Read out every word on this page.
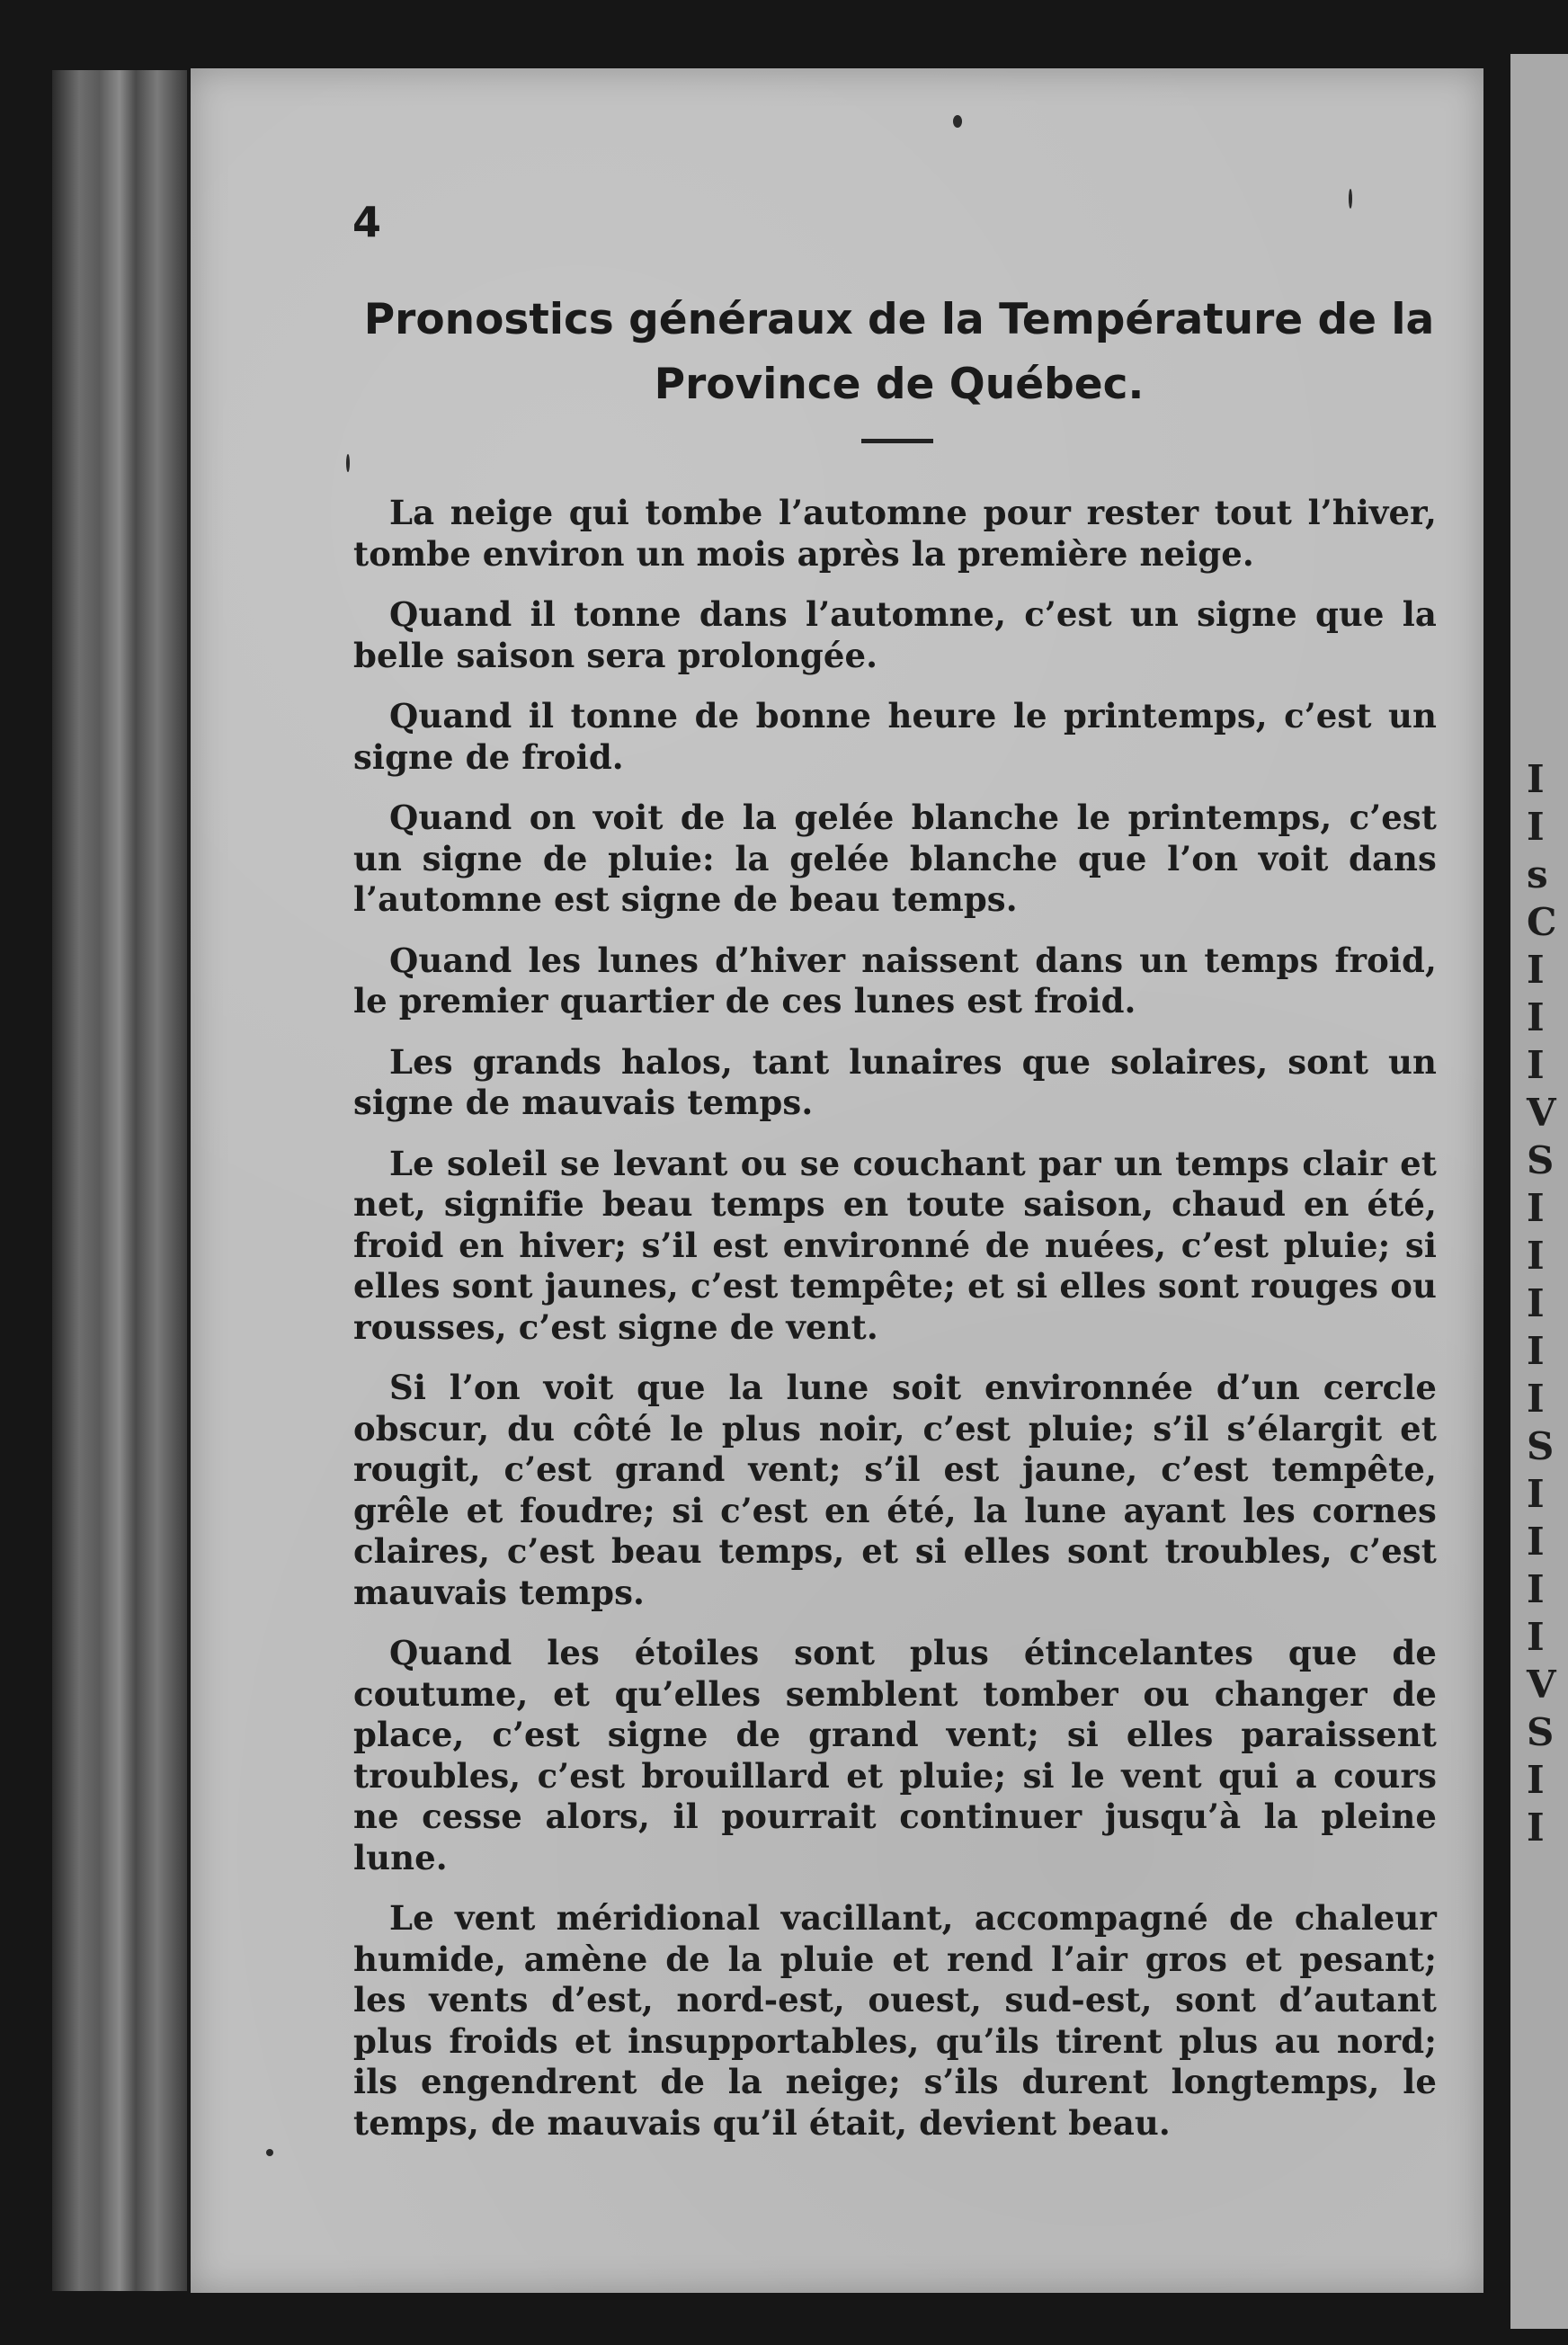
I
I
s
C
I
I
I
V
S
I
I
I
I
I
S
I
I
I
I
V
S
I
I
4
Pronostics généraux de la Température de la
Province de Québec.

La neige qui tombe l’automne pour rester tout l’hiver, tombe environ un mois après la première neige.

Quand il tonne dans l’automne, c’est un signe que la belle saison sera prolongée.

Quand il tonne de bonne heure le printemps, c’est un signe de froid.

Quand on voit de la gelée blanche le printemps, c’est un signe de pluie: la gelée blanche que l’on voit dans l’automne est signe de beau temps.

Quand les lunes d’hiver naissent dans un temps froid, le premier quartier de ces lunes est froid.

Les grands halos, tant lunaires que solaires, sont un signe de mauvais temps.

Le soleil se levant ou se couchant par un temps clair et net, signifie beau temps en toute saison, chaud en été, froid en hiver; s’il est environné de nuées, c’est pluie; si elles sont jaunes, c’est tempête; et si elles sont rouges ou rousses, c’est signe de vent.

Si l’on voit que la lune soit environnée d’un cercle obscur, du côté le plus noir, c’est pluie; s’il s’élargit et rougit, c’est grand vent; s’il est jaune, c’est tempête, grêle et foudre; si c’est en été, la lune ayant les cornes claires, c’est beau temps, et si elles sont troubles, c’est mauvais temps.

Quand les étoiles sont plus étincelantes que de coutume, et qu’elles semblent tomber ou changer de place, c’est signe de grand vent; si elles paraissent troubles, c’est brouillard et pluie; si le vent qui a cours ne cesse alors, il pourrait continuer jusqu’à la pleine lune.

Le vent méridional vacillant, accompagné de chaleur humide, amène de la pluie et rend l’air gros et pesant; les vents d’est, nord-est, ouest, sud-est, sont d’autant plus froids et insupportables, qu’ils tirent plus au nord; ils engendrent de la neige; s’ils durent longtemps, le temps, de mauvais qu’il était, devient beau.
